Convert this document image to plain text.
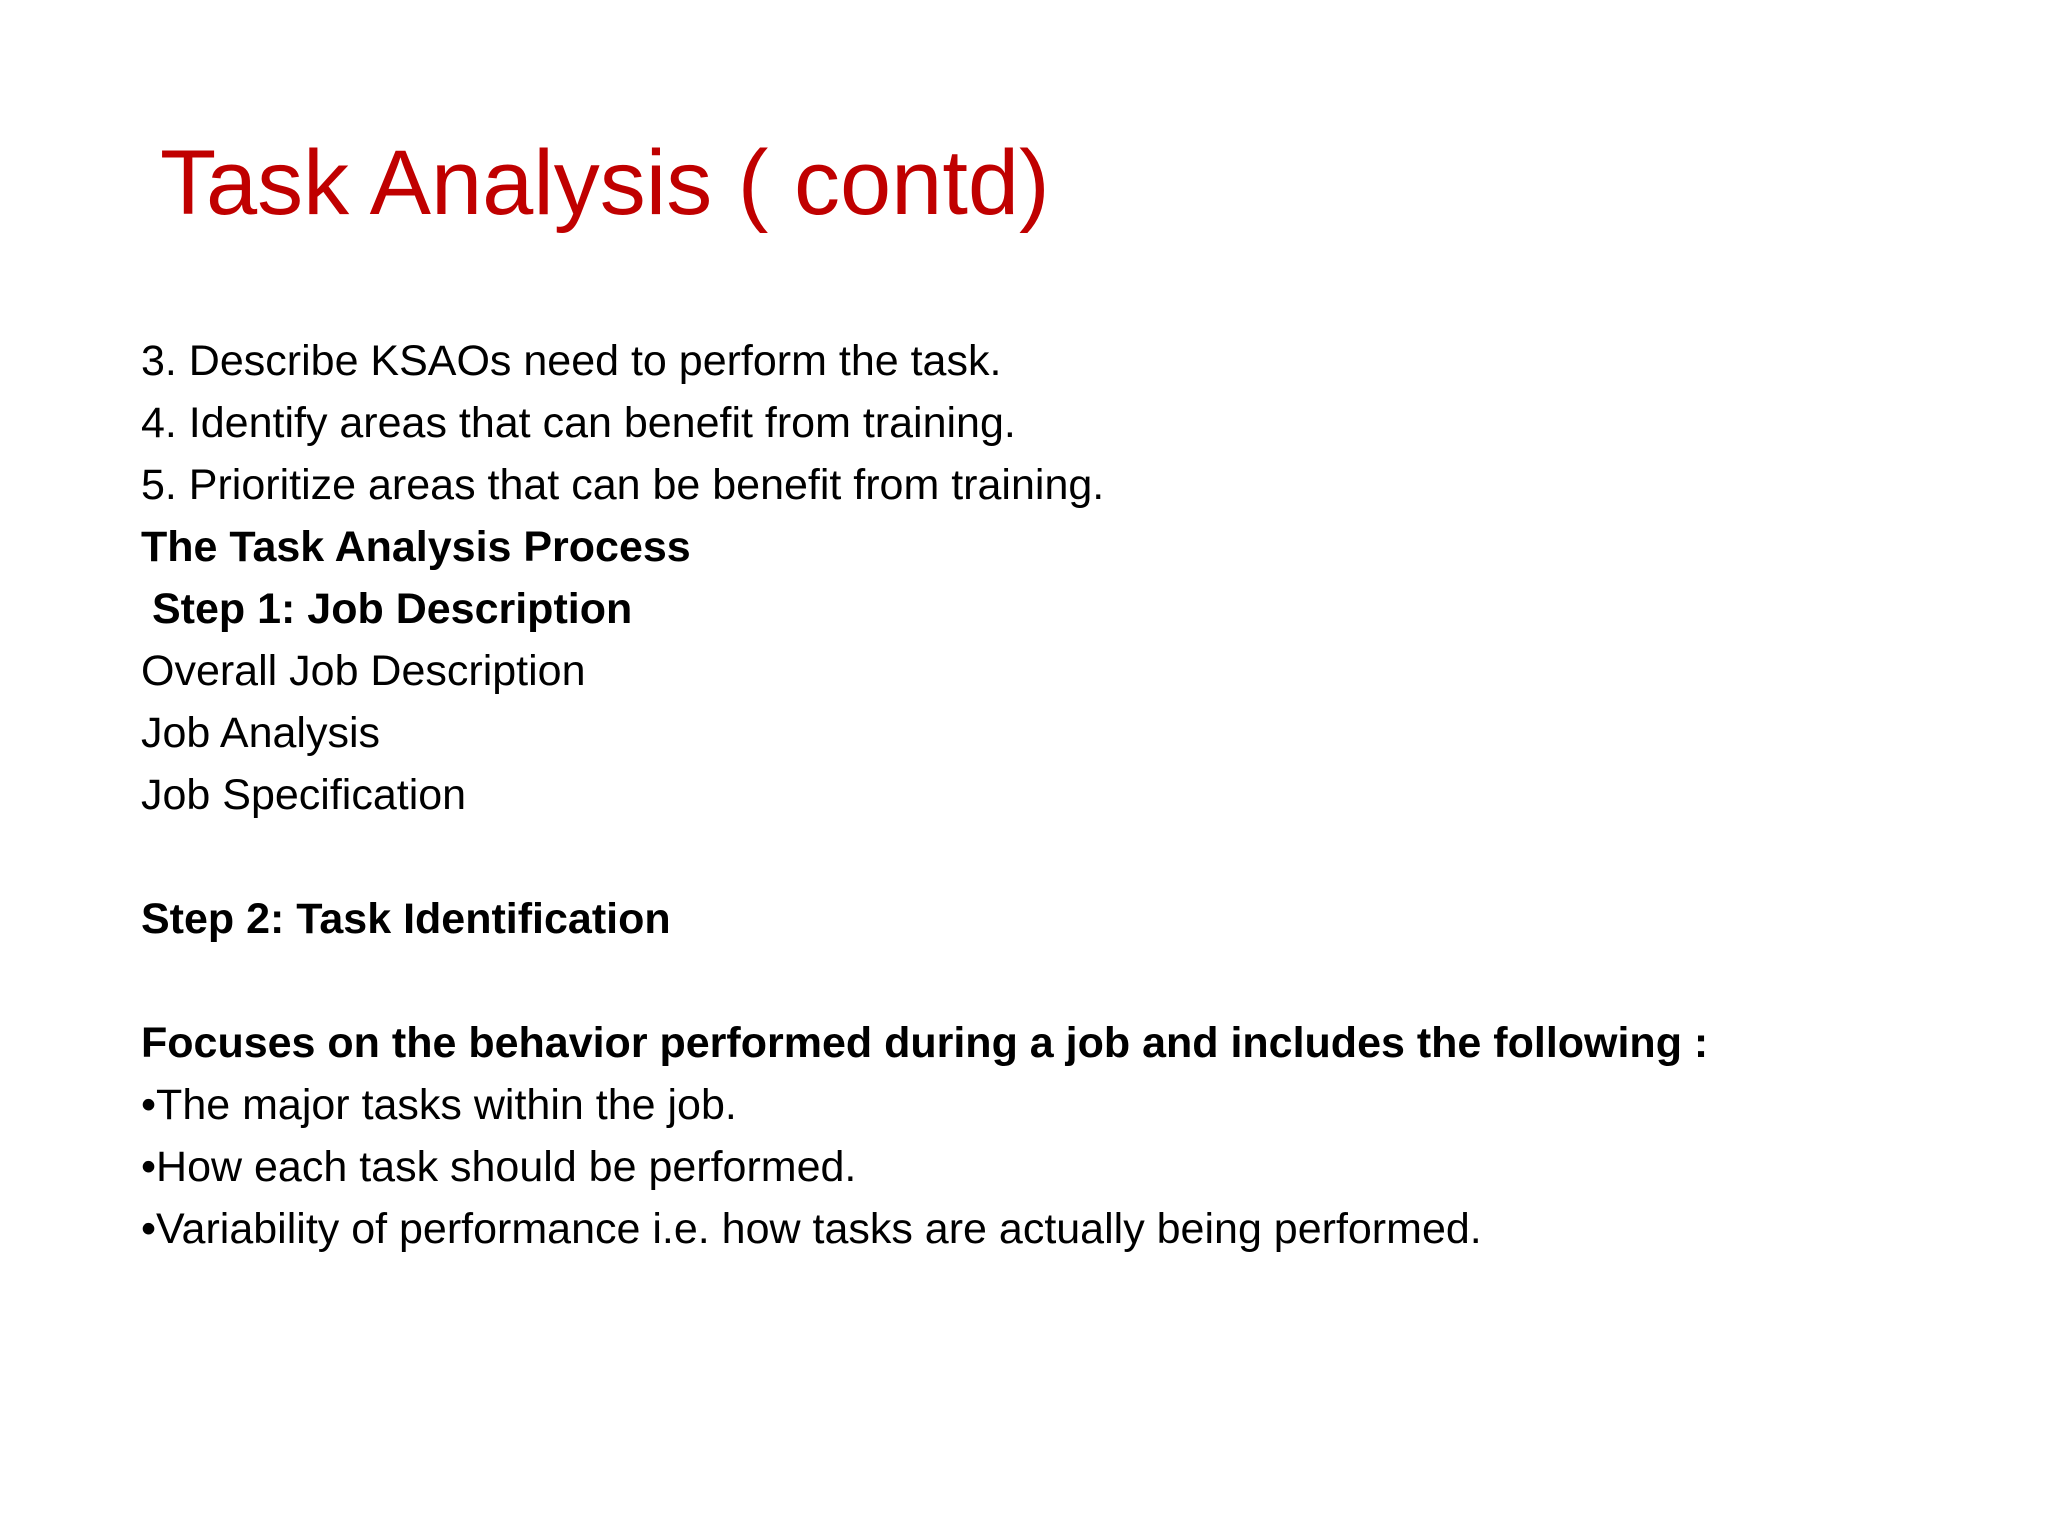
Task Analysis ( contd)
3. Describe KSAOs need to perform the task.
4. Identify areas that can benefit from training.
5. Prioritize areas that can be benefit from training.
The Task Analysis Process
Step 1: Job Description
Overall Job Description
Job Analysis
Job Specification
Step 2: Task Identification
Focuses on the behavior performed during a job and includes the following :
•The major tasks within the job.
•How each task should be performed.
•Variability of performance i.e. how tasks are actually being performed.
